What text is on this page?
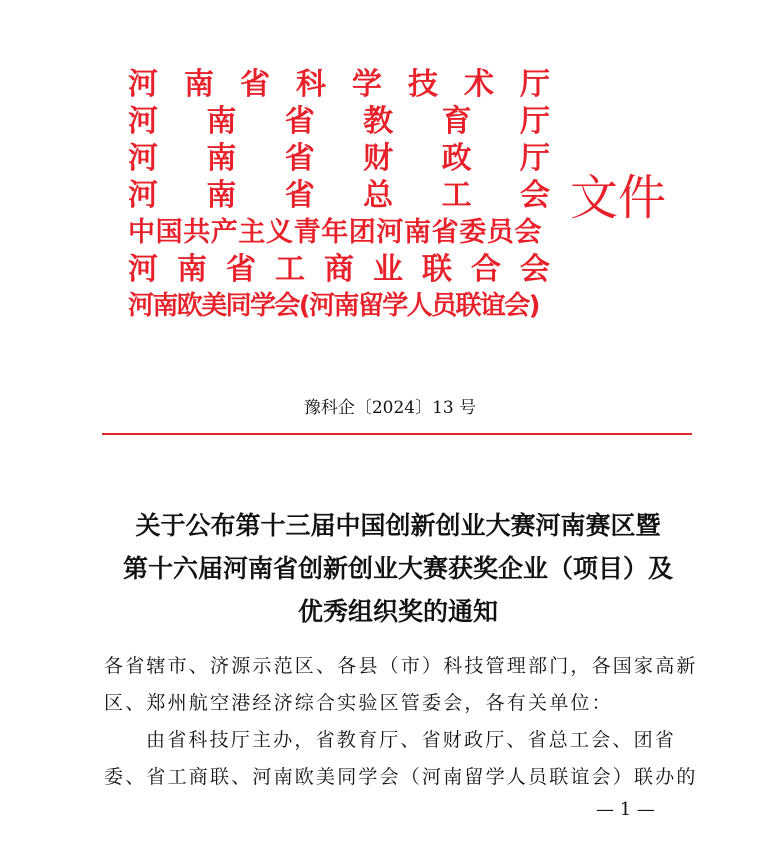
河 南 省 科 学 技 术 厅
河 南 省 教 育 厅
河 南 省 财 政 厅
河 南 省 总 工 会
中国共产主义青年团河南省委员会
河 南 省 工 商 业 联 合 会
河南欧美同学会(河南留学人员联谊会)
文件
豫科企〔2024〕13 号
关于公布第十三届中国创新创业大赛河南赛区暨
第十六届河南省创新创业大赛获奖企业（项目）及
优秀组织奖的通知
各省辖市、济源示范区、各县（市）科技管理部门，各国家高新
区、郑州航空港经济综合实验区管委会，各有关单位：
由省科技厅主办，省教育厅、省财政厅、省总工会、团省
委、省工商联、河南欧美同学会（河南留学人员联谊会）联办的
— 1 —
